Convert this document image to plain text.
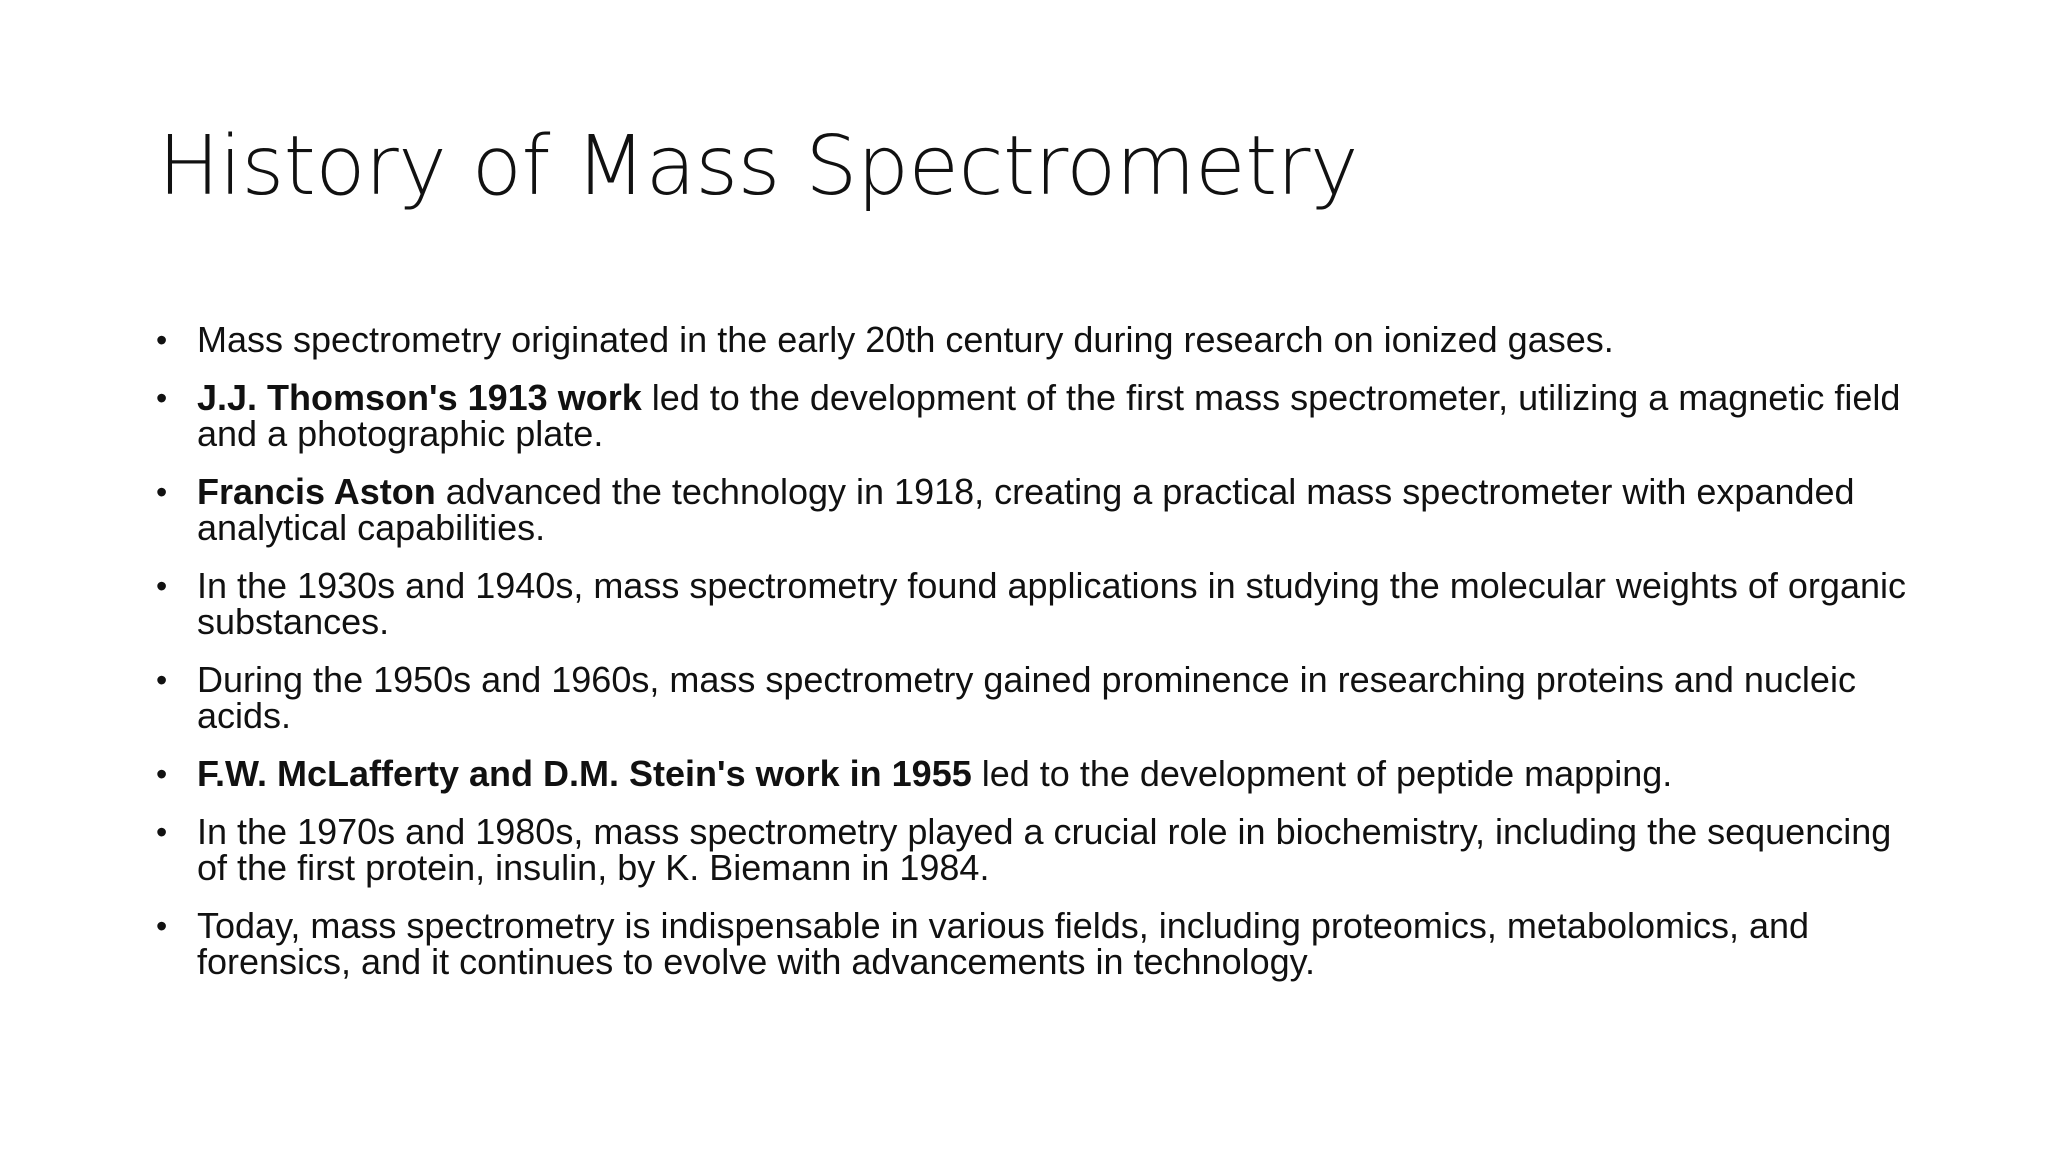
History of Mass Spectrometry
• Mass spectrometry originated in the early 20th century during research on ionized gases.
• J.J. Thomson's 1913 work led to the development of the first mass spectrometer, utilizing a magnetic field and a photographic plate.
• Francis Aston advanced the technology in 1918, creating a practical mass spectrometer with expanded analytical capabilities.
• In the 1930s and 1940s, mass spectrometry found applications in studying the molecular weights of organic substances.
• During the 1950s and 1960s, mass spectrometry gained prominence in researching proteins and nucleic acids.
• F.W. McLafferty and D.M. Stein's work in 1955 led to the development of peptide mapping.
• In the 1970s and 1980s, mass spectrometry played a crucial role in biochemistry, including the sequencing of the first protein, insulin, by K. Biemann in 1984.
• Today, mass spectrometry is indispensable in various fields, including proteomics, metabolomics, and forensics, and it continues to evolve with advancements in technology.
